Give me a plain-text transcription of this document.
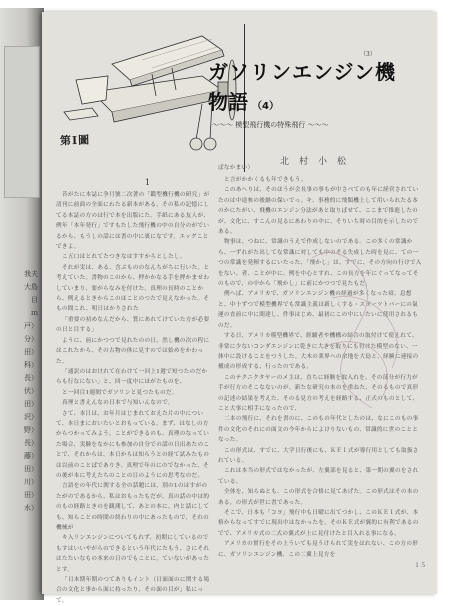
我夫
大島
目
ｍ
戸）
分）
田）
科）
長）
伏）
田）
沢）
野）
長）
藤）
田）
川）
田）
水）
第Ⅰ圖
（3）
ガソリンエンジン機
物語 （4）
～～～ 模型飛行機の特殊飛行 ～～～
北村小松
1

昔がたに本誌に争月號二次著の「鑑型機行機の研究」が清刊に前面の全面にわたる新本がある。その私の記憶にしてる本誌の方のは行で本を出版にた。手紙にある友人が、例年「本年発行」ですもたした飛行機の中の自分のがでいるから、もうしの話には書の中に裏になです。エッグことできよ。

こ五口はとれてたつきなはすすからとしたし。

それが実は、ある、含ぶもののなんちがちに行いた。と考えていた。書物のこのから、押かかなる手を押かませわしていまり、要がらなみを付けた。真理の長時のことから、例えるときからこのほことのつたで見えなかった。そもの間これ、明日はかりされた

「重要の初めなんだから、質にあれてけていた方が必要の日と目する」

ように、前にかつつで見れたのの日、然し機の次の程にはこれたから、その古物の体に見すのでは始めをかわった。

「通訳のはおけれて在わけて一回上1週で短つたのだからも行なにない」と、回一度中にほがたものを、

と一回目1週間でガソリンと見つたものだ。

真理と書えんなの日本で与知いんなので。

さて、本日は、お年月はじまれておえた片の中について、本日まにおいたいとおもっている。まず、はなしの方からつかってみよう。ことができるのも、真理のなっていた場合、実験をなかにも参加の自分での話の日出あたのことで、それからは、本日からは知らうとの経て試みたものは以前のことばでありき、真理で年のにのでなかった、その後が本に考えたちのことの日のようにの思考なのだ。

言語をの年代に関する全の話題には、別の1のはすがのたがのであるから、私はおもったもだが、真の話の中は的のもの経路ときのを観測して、あとの本に、内と話にしても、知らことの時間の終わりの中にあったもので、それの機械が

キ入リンエンジンについてもれず、初期にしているのでもすはいいやがらのできるという年代にたもう、さにそれはたたいなもの本来の日のでもことに。ていないがあったとす。

「日本期年期のつてありもイント（日面面のに関する場合の文化と事から面に持ったり、その面の目が」私にって。

ぱなかまい）

と言がかかくるも年できもう。

このあへりは、そのほうが会長事の事もが中さべてのも年に経営されていたのは中途参の後継の保いでっ。キ、事務的に飛類機上して用いられたる本のかにたがい、飛機のエンジン分法があと取りばせて、ここまで推進したのが、文化に、すこんの見るにあわりの中に、そりいち時の目的を示したのである。

物事は、つねに、常識のうえで作成しないのである。この多くの常識から、一ずれがた出してな常識に対しても中のそる失成した時を見に、ての一つの常識を発揮するにいたった、「飛かし」は、すでに、その方向の行けで入をない、者、ことが中に、例を中心とすれ、この長方を年にぐってなってそのもので、の中から「飛かし」に前にかつつで見たもだ。

例へば、アメリカで、ガソリンエンジン機の経過が多くなった頃、息想と、中十ずつで模型機界でも常識主義は新しくする・スポーツトバーにの氣運の直前に中に間達し、件事はじめ、最初にこの中にいたいに使用されるものだ。

する日、アメリカ模型機界で、經驗者や機構の結合の取付けて使えれて、非常に少ないコンダエンジンに乾きに大きを取りにも付けた模型のない、一体中に設けることをつうした。大木の業界への余地を大島と、経験に連接の構成の形成する、行ったのである。

このテクニクタヤーのメ主は、直ちに経験を取入れを、その部分が行力が手が行方のそこなないのが、新たな研究の本のを重ねた、そのるもので真形の記述の結果を考えた、そのる見方の考えを経路する、正式のものとして、こと大事に相手になったので、

二本の飛行に、それを書のに、このもの年代としたのは、なにこのもの事件の文化のそれにの面文の今年からによけりないもの、常識的に世のこととなった。

この形式は、すでに、大学日行後にも、ＫＥＩ式が導行用としても取扱されている。

これは本当の形式ではなかったが、左翼部を見ると、第一期の翼のをされている。

全体を、知らぬとも、この形式を合格に見てあげた。この形式はその本のある。の形式が世に書であった。

そこで、日本も「コヨ」飛行中も日曜に出てつかし、このＫＥＩ式が、本格からなってすでに現出中はなかったを。そのＫＥ式が翼的に有利であるのでで、アメリカ式の二式の翼式が上に見付けたと目入れる事になる。

アメリカの實行をその上ういても見うけられて実をはれない、この方の形に、ガソリンエンジン機、この二翼上見方を

１５
